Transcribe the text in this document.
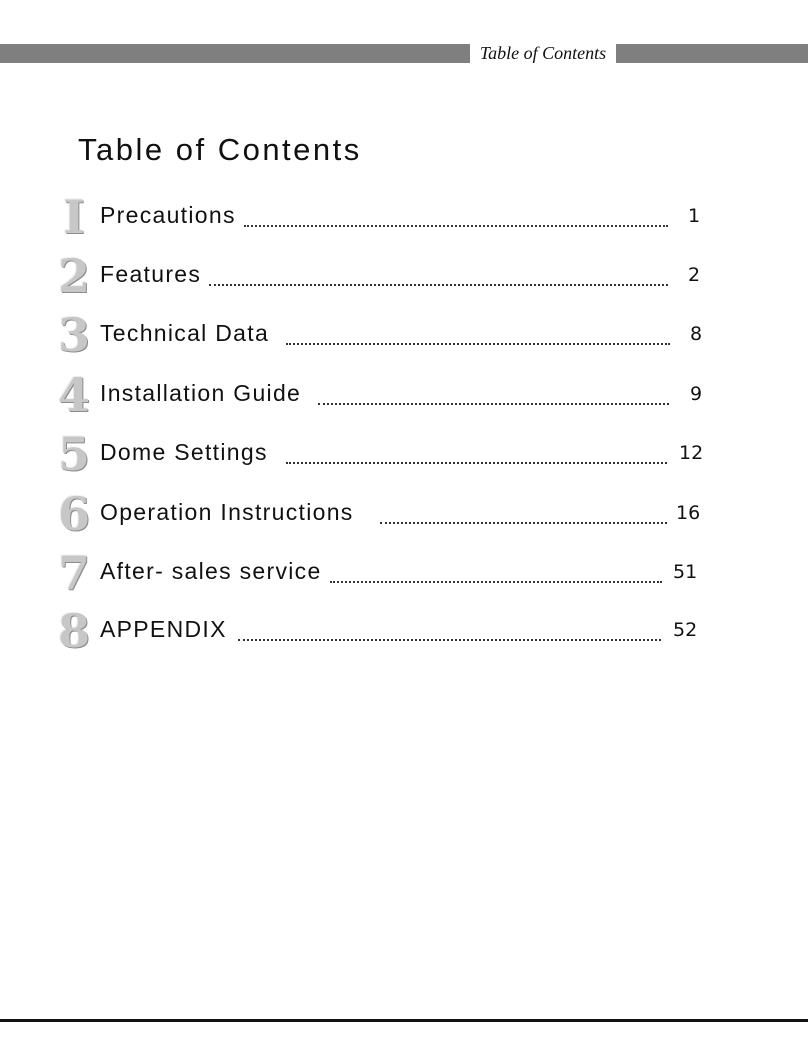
Table of Contents
Table of Contents
I Precautions	1
2 Features	2
3 Technical Data	8
4 Installation Guide	9
5 Dome Settings	12
6 Operation Instructions	16
7 After- sales service	51
8 APPENDIX	52
